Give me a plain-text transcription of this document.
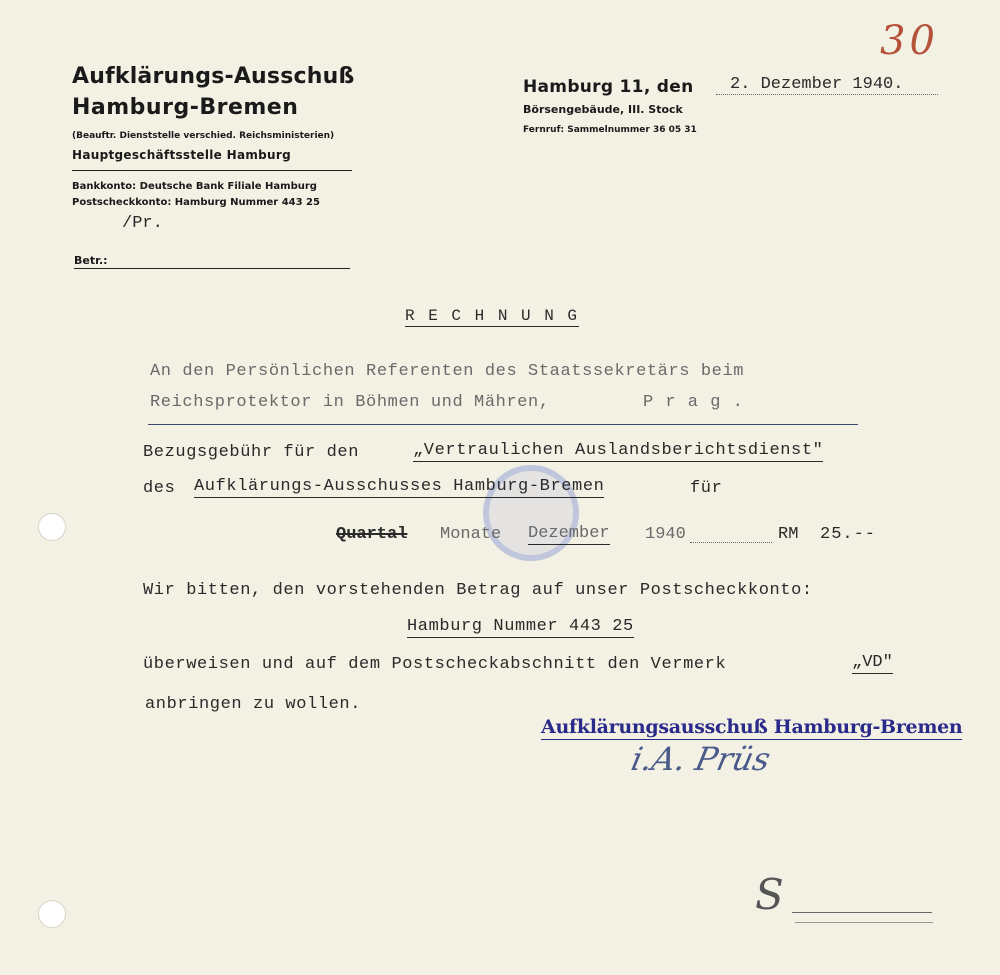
30
Aufklärungs-Ausschuß
Hamburg-Bremen
(Beauftr. Dienststelle verschied. Reichsministerien)
Hauptgeschäftsstelle Hamburg
Bankkonto: Deutsche Bank Filiale Hamburg
Postscheckkonto: Hamburg Nummer 443 25
/Pr.
Betr.:
Hamburg 11, den 2. Dezember 1940.
Börsengebäude, III. Stock
Fernruf: Sammelnummer 36 05 31
R E C H N U N G
An den Persönlichen Referenten des Staatssekretärs beim
Reichsprotektor in Böhmen und Mähren,	P r a g .
Bezugsgebühr für den	„Vertraulichen Auslandsberichtsdienst"
des Aufklärungs-Ausschusses Hamburg-Bremen	für
Quartal Monate Dezember 1940	RM 25.--
Wir bitten, den vorstehenden Betrag auf unser Postscheckkonto:
Hamburg Nummer 443 25
überweisen und auf dem Postscheckabschnitt den Vermerk	„VD"
anbringen zu wollen.
Aufklärungsausschuß Hamburg-Bremen
i.A. Prüs
S
